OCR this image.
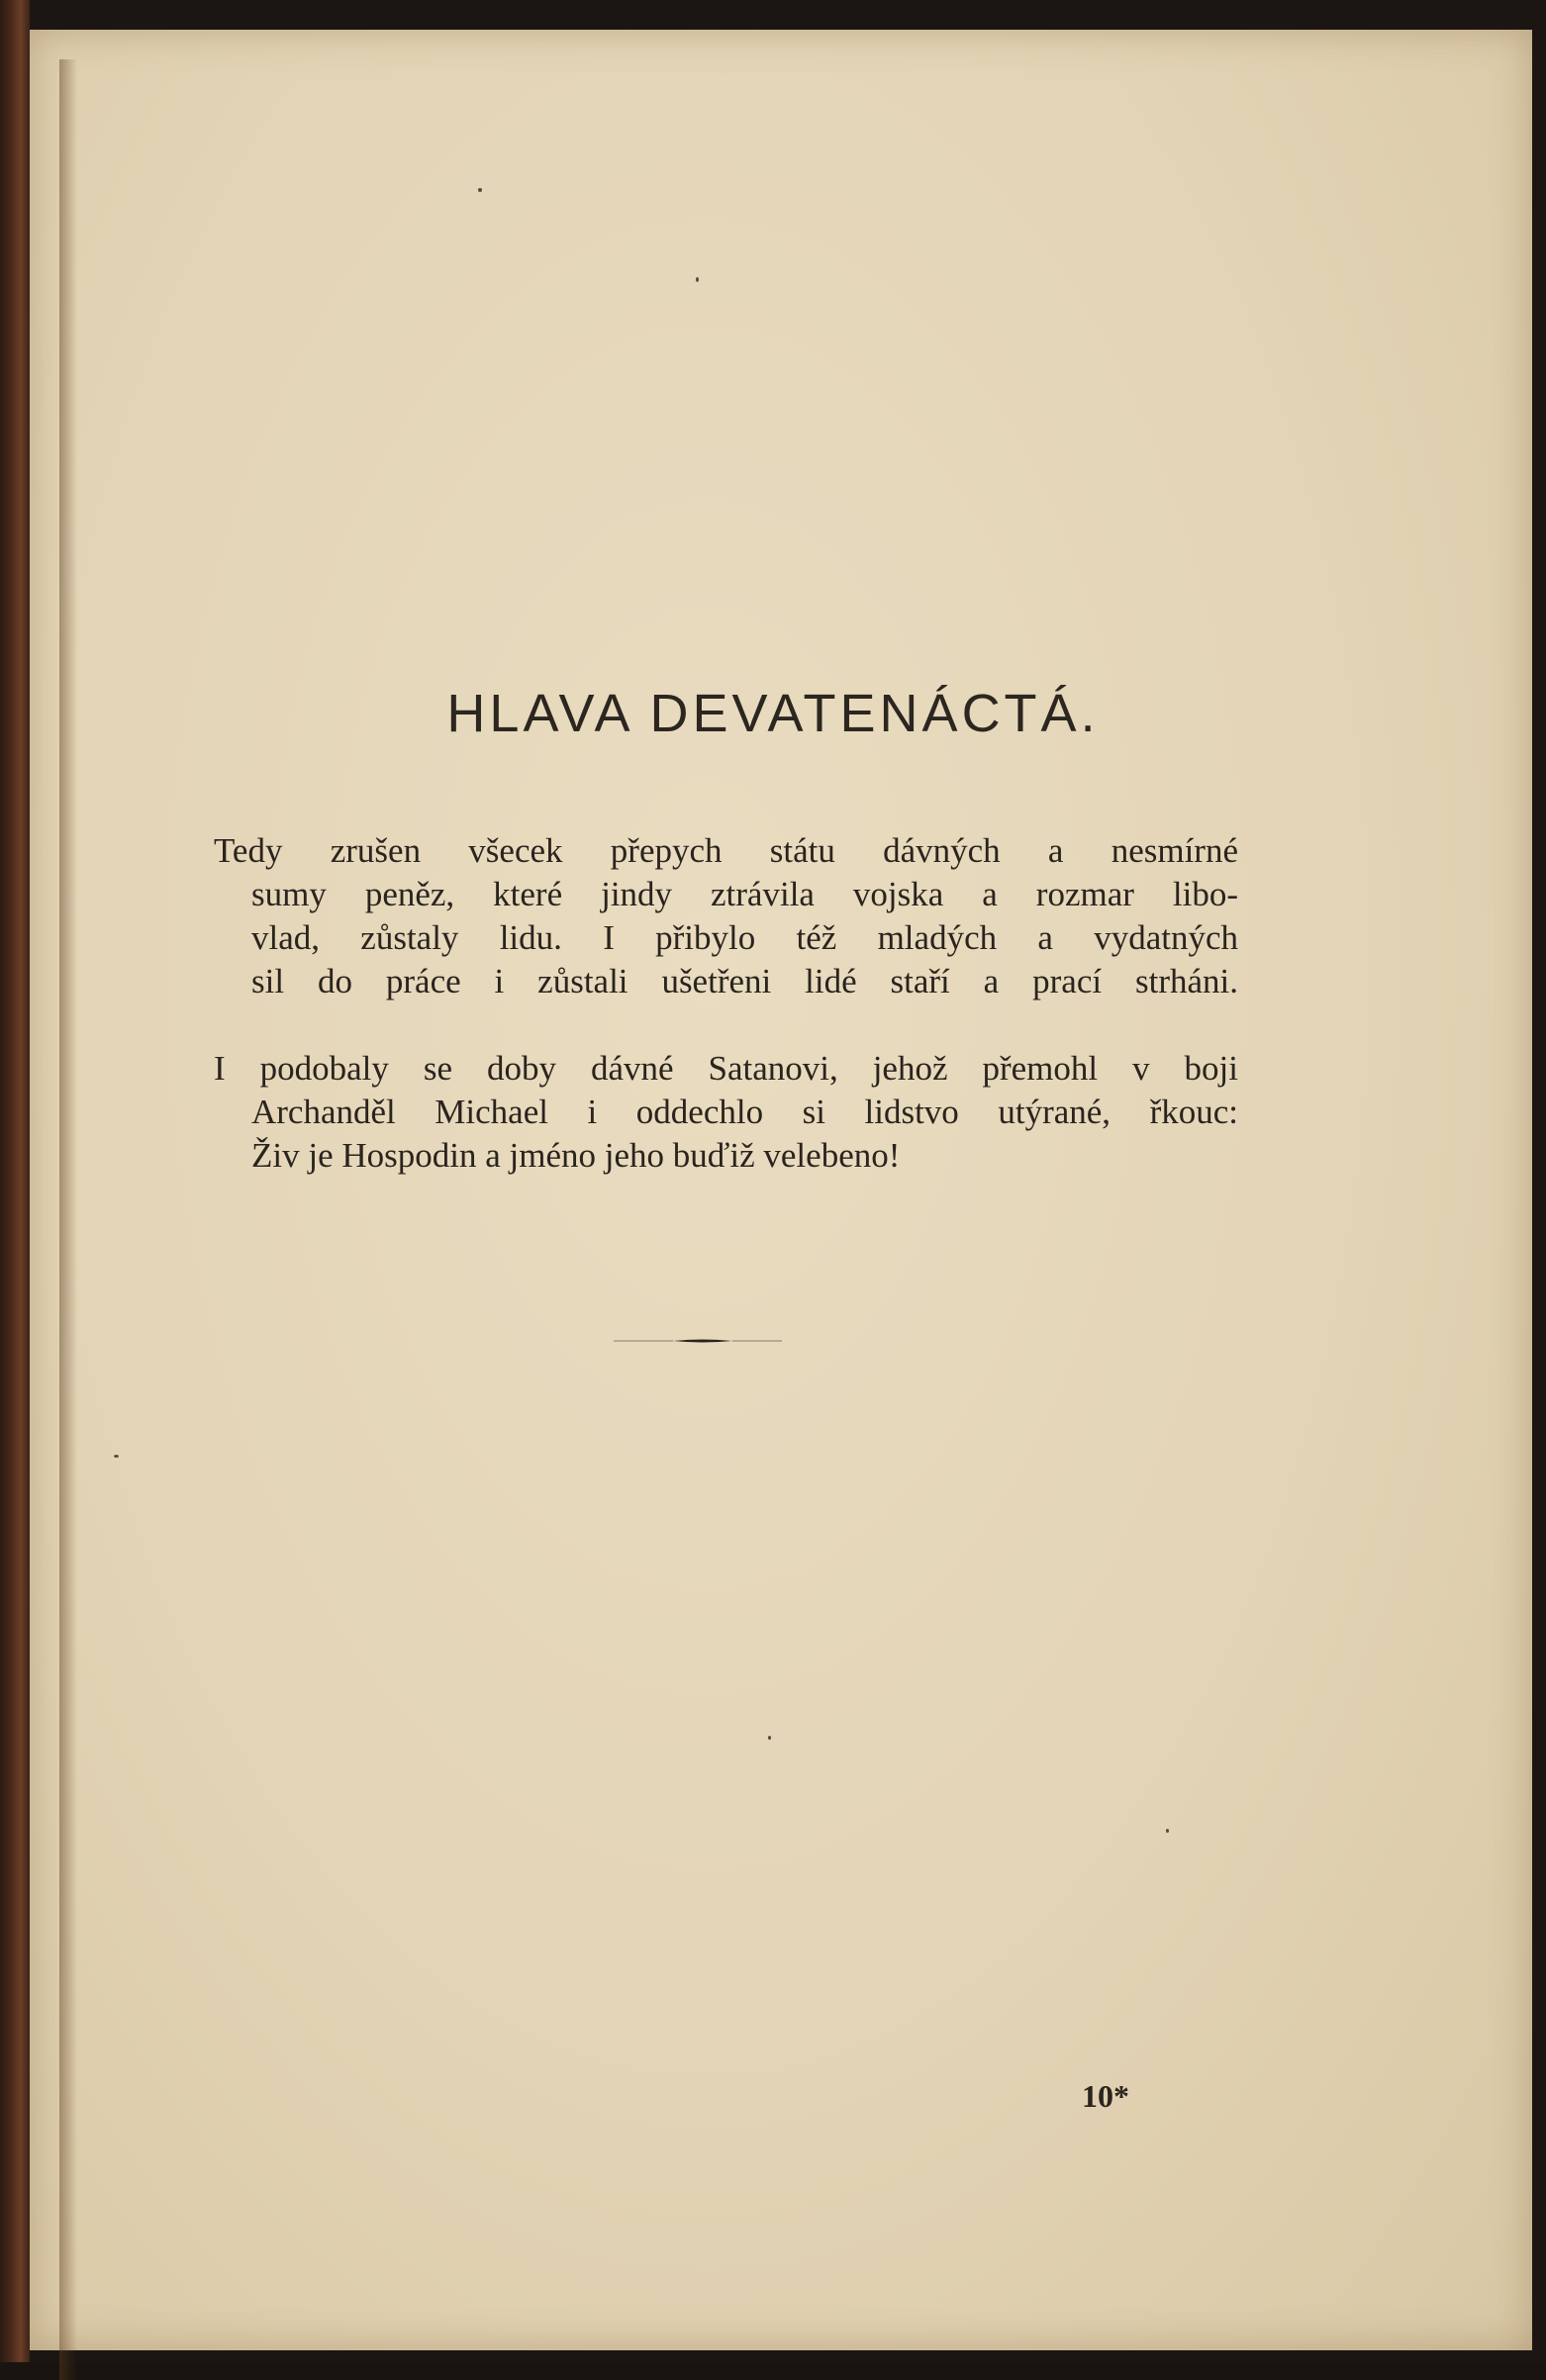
HLAVA DEVATENÁCTÁ.
Tedy zrušen všecek přepych státu dávných a nesmírné
sumy peněz, které jindy ztrávila vojska a rozmar libo-
vlad, zůstaly lidu. I přibylo též mladých a vydatných
sil do práce i zůstali ušetřeni lidé staří a prací strháni.
I podobaly se doby dávné Satanovi, jehož přemohl v boji
Archanděl Michael i oddechlo si lidstvo utýrané, řkouc:
Živ je Hospodin a jméno jeho buďiž velebeno!
10*
